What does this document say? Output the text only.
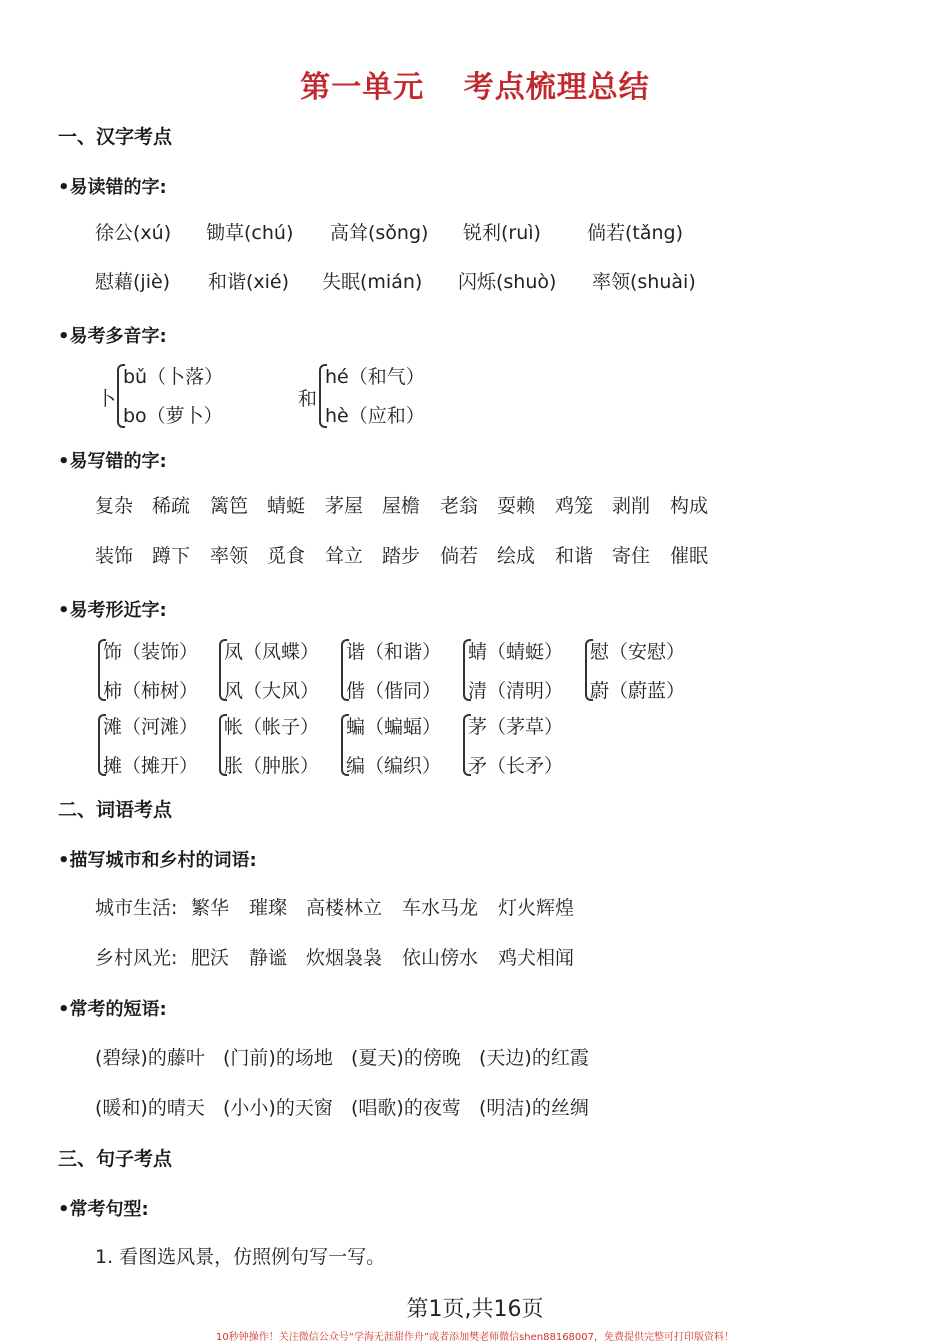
第一单元 考点梳理总结
一、汉字考点
•易读错的字:
徐公(xú) 锄草(chú) 高耸(sǒng) 锐利(ruì) 倘若(tǎng)
慰藉(jiè) 和谐(xié) 失眠(mián) 闪烁(shuò) 率领(shuài)
•易考多音字:
卜
bǔ（卜落）
bo（萝卜）
和
hé（和气）
hè（应和）
•易写错的字:
复杂 稀疏 篱笆 蜻蜓 茅屋 屋檐 老翁 耍赖 鸡笼 剥削 构成
装饰 蹲下 率领 觅食 耸立 踏步 倘若 绘成 和谐 寄住 催眠
•易考形近字:
饰（装饰）
柿（柿树）
凤（凤蝶）
风（大风）
谐（和谐）
偕（偕同）
蜻（蜻蜓）
清（清明）
慰（安慰）
蔚（蔚蓝）
滩（河滩）
摊（摊开）
帐（帐子）
胀（肿胀）
蝙（蝙蝠）
编（编织）
茅（茅草）
矛（长矛）
二、词语考点
•描写城市和乡村的词语:
城市生活: 繁华 璀璨 高楼林立 车水马龙 灯火辉煌
乡村风光: 肥沃 静谧 炊烟袅袅 依山傍水 鸡犬相闻
•常考的短语:
(碧绿)的藤叶 (门前)的场地 (夏天)的傍晚 (天边)的红霞
(暖和)的晴天 (小小)的天窗 (唱歌)的夜莺 (明洁)的丝绸
三、句子考点
•常考句型:
1. 看图选风景，仿照例句写一写。
第1页,共16页
10秒钟操作！关注微信公众号“学海无涯甜作舟”或者添加樊老师微信shen88168007，免费提供完整可打印版资料！
